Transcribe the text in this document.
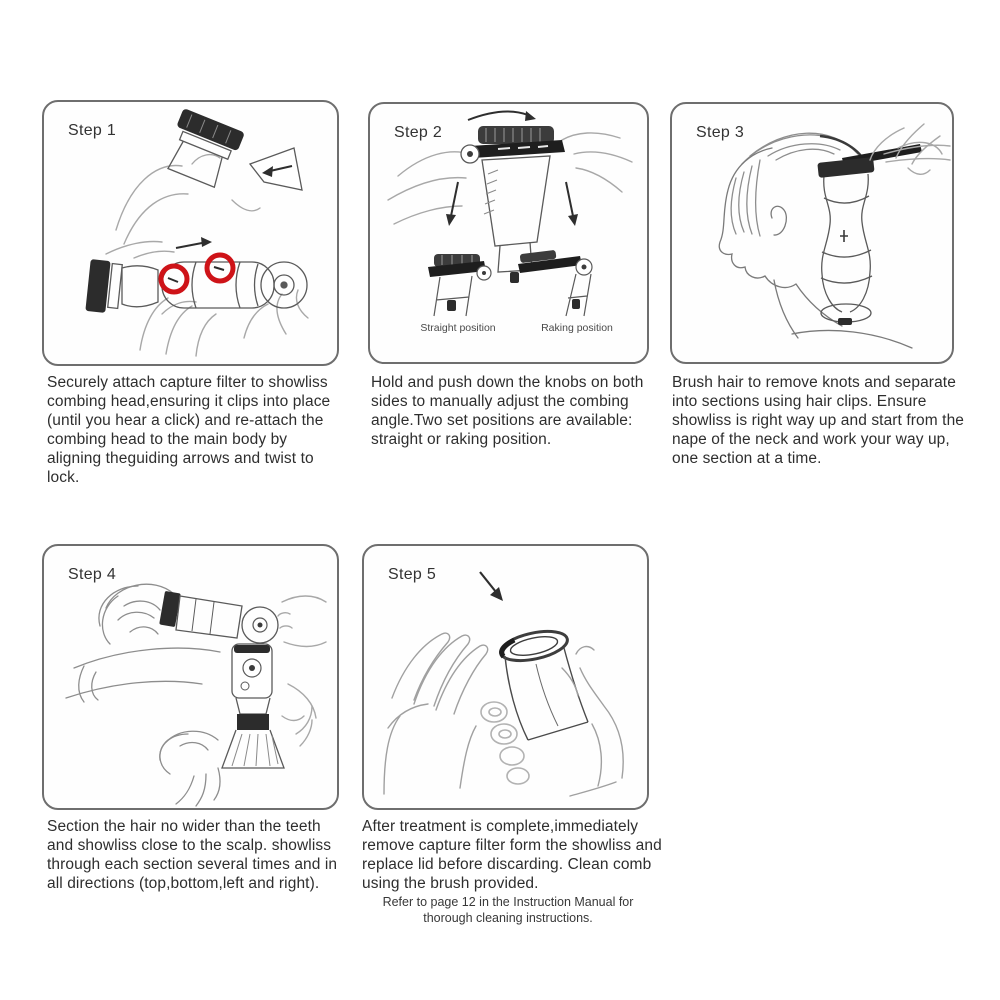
Step 1	Step 2
Straight position	Raking position
Step 3
Step 4	Step 5

Securely attach capture filter to showliss combing head,ensuring it clips into place (until you hear a click) and re-attach the combing head to the main body by aligning theguiding arrows and twist to lock.

Hold and push down the knobs on both sides to manually adjust the combing angle.Two set positions are available: straight or raking position.

Brush hair to remove knots and separate into sections using hair clips. Ensure showliss is right way up and start from the nape of the neck and work your way up, one section at a time.

Section the hair no wider than the teeth and showliss close to the scalp. showliss through each section several times and in all directions (top,bottom,left and right).

After treatment is complete,immediately remove capture filter form the showliss and replace lid before discarding. Clean comb using the brush provided.

Refer to page 12 in the Instruction Manual for thorough cleaning instructions.
